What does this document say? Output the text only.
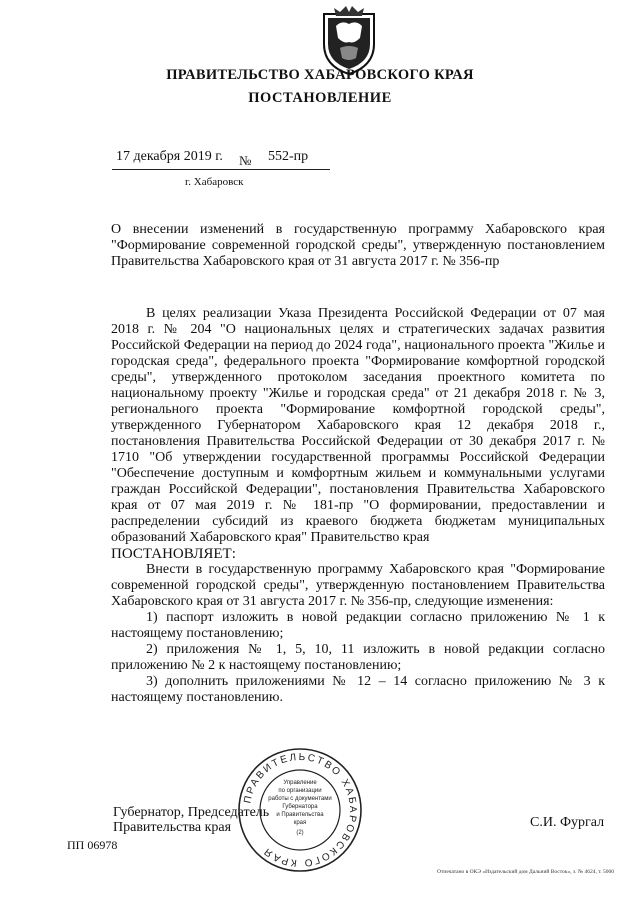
ПРАВИТЕЛЬСТВО ХАБАРОВСКОГО КРАЯ
ПОСТАНОВЛЕНИЕ
17 декабря 2019 г. № 552-пр
г. Хабаровск
О внесении изменений в государственную программу Хабаровского края "Формирование современной городской среды", утвержденную постановлением Правительства Хабаровского края от 31 августа 2017 г. № 356-пр

В целях реализации Указа Президента Российской Федерации от 07 мая 2018 г. № 204 "О национальных целях и стратегических задачах развития Российской Федерации на период до 2024 года", национального проекта "Жилье и городская среда", федерального проекта "Формирование комфортной городской среды", утвержденного протоколом заседания проектного комитета по национальному проекту "Жилье и городская среда" от 21 декабря 2018 г. № 3, регионального проекта "Формирование комфортной городской среды", утвержденного Губернатором Хабаровского края 12 декабря 2018 г., постановления Правительства Российской Федерации от 30 декабря 2017 г. № 1710 "Об утверждении государственной программы Российской Федерации "Обеспечение доступным и комфортным жильем и коммунальными услугами граждан Российской Федерации", постановления Правительства Хабаровского края от 07 мая 2019 г. № 181-пр "О формировании, предоставлении и распределении субсидий из краевого бюджета бюджетам муниципальных образований Хабаровского края" Правительство края

ПОСТАНОВЛЯЕТ:

Внести в государственную программу Хабаровского края "Формирование современной городской среды", утвержденную постановлением Правительства Хабаровского края от 31 августа 2017 г. № 356-пр, следующие изменения:

1) паспорт изложить в новой редакции согласно приложению № 1 к настоящему постановлению;

2) приложения № 1, 5, 10, 11 изложить в новой редакции согласно приложению № 2 к настоящему постановлению;

3) дополнить приложениями № 12 – 14 согласно приложению № 3 к настоящему постановлению.

Губернатор, Председатель
Правительства края	С.И. Фургал
ПРАВИТЕЛЬСТВО ХАБАРОВСКОГО КРАЯ
Управление
по организации
работы с документами
Губернатора
и Правительства
края
(2)
ПП 06978
Отпечатано в ОКЭ «Издательский дом Дальний Восток», з. № 4624, т. 5000
